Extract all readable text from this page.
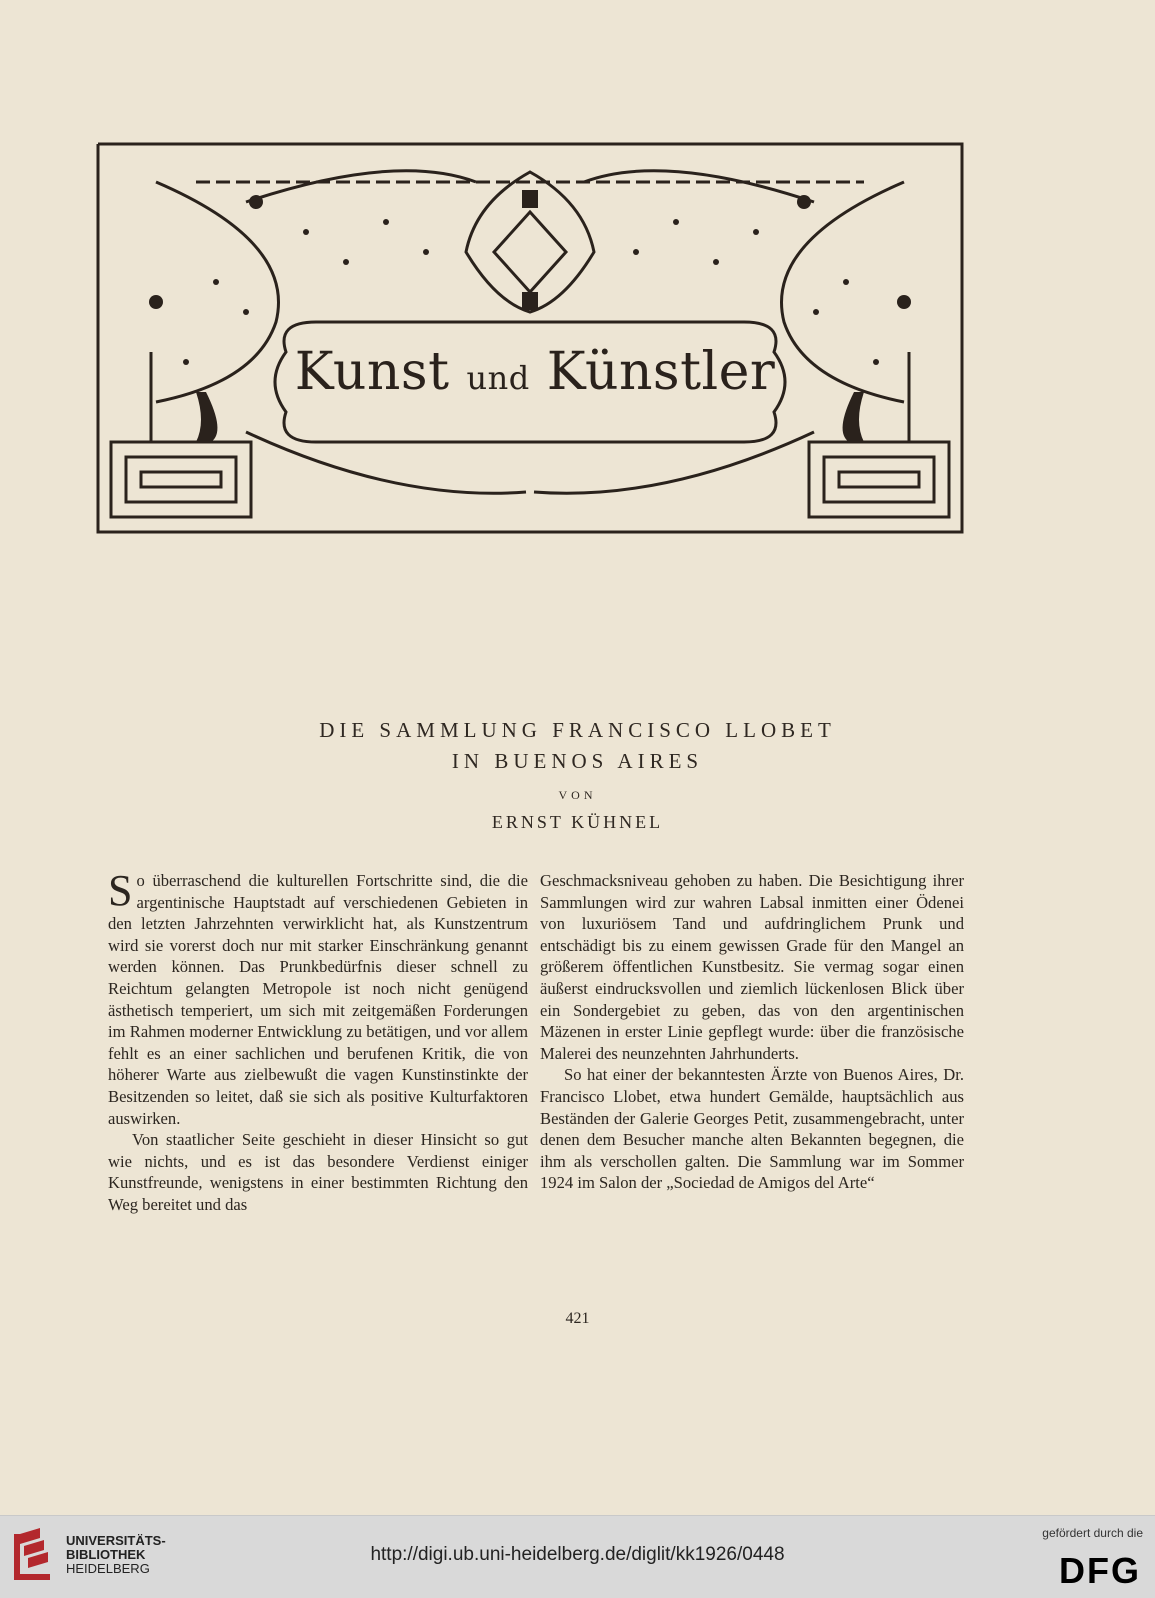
Kunst und Künstler
DIE SAMMLUNG FRANCISCO LLOBET
IN BUENOS AIRES
VON
ERNST KÜHNEL

So überraschend die kulturellen Fortschritte sind, die die argentinische Hauptstadt auf verschiedenen Gebieten in den letzten Jahrzehnten verwirklicht hat, als Kunstzentrum wird sie vorerst doch nur mit starker Einschränkung genannt werden können. Das Prunkbedürfnis dieser schnell zu Reichtum gelangten Metropole ist noch nicht genügend ästhetisch temperiert, um sich mit zeitgemäßen Forderungen im Rahmen moderner Entwicklung zu betätigen, und vor allem fehlt es an einer sachlichen und berufenen Kritik, die von höherer Warte aus zielbewußt die vagen Kunstinstinkte der Besitzenden so leitet, daß sie sich als positive Kulturfaktoren auswirken.

Von staatlicher Seite geschieht in dieser Hinsicht so gut wie nichts, und es ist das besondere Verdienst einiger Kunstfreunde, wenigstens in einer bestimmten Richtung den Weg bereitet und das

Geschmacksniveau gehoben zu haben. Die Besichtigung ihrer Sammlungen wird zur wahren Labsal inmitten einer Ödenei von luxuriösem Tand und aufdringlichem Prunk und entschädigt bis zu einem gewissen Grade für den Mangel an größerem öffentlichen Kunstbesitz. Sie vermag sogar einen äußerst eindrucksvollen und ziemlich lückenlosen Blick über ein Sondergebiet zu geben, das von den argentinischen Mäzenen in erster Linie gepflegt wurde: über die französische Malerei des neunzehnten Jahrhunderts.

So hat einer der bekanntesten Ärzte von Buenos Aires, Dr. Francisco Llobet, etwa hundert Gemälde, hauptsächlich aus Beständen der Galerie Georges Petit, zusammengebracht, unter denen dem Besucher manche alten Bekannten begegnen, die ihm als verschollen galten. Die Sammlung war im Sommer 1924 im Salon der „Sociedad de Amigos del Arte“

421
UNIVERSITÄTS-
BIBLIOTHEK
HEIDELBERG
http://digi.ub.uni-heidelberg.de/diglit/kk1926/0448
gefördert durch die
DFG
